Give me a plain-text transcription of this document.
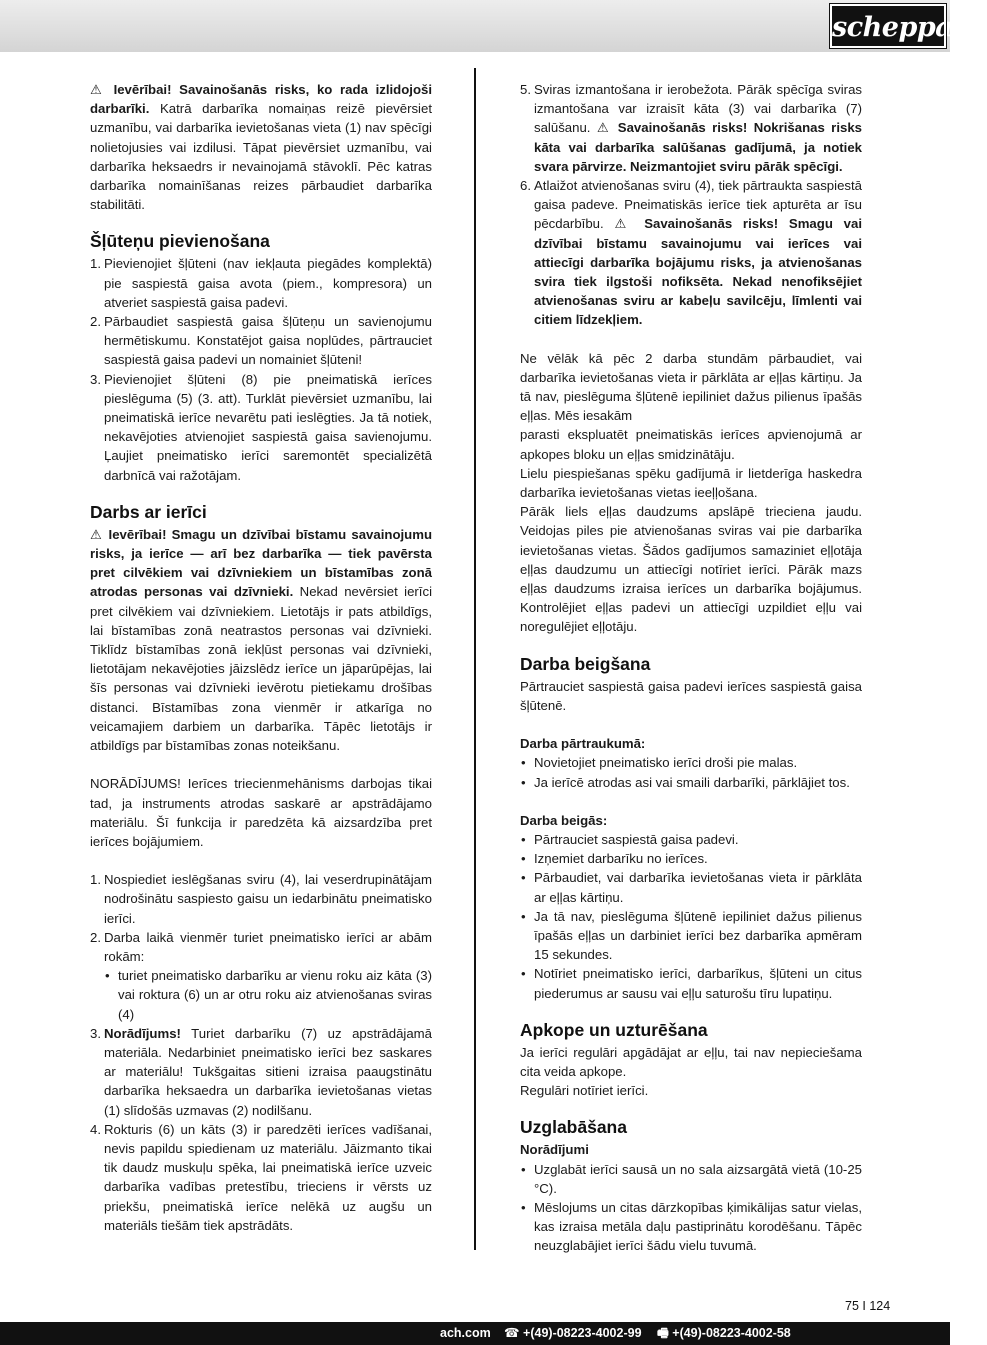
scheppach

⚠ Ievērībai! Savainošanās risks, ko rada izlidojoši darbarīki. Katrā darbarīka nomaiņas reizē pievērsiet uzmanību, vai darbarīka ievietošanas vieta (1) nav spēcīgi nolietojusies vai izdilusi. Tāpat pievērsiet uzmanību, vai darbarīka heksaedrs ir nevainojamā stāvoklī. Pēc katras darbarīka nomainīšanas reizes pārbaudiet darbarīka stabilitāti.

Šļūteņu pievienošana
1. Pievienojiet šļūteni (nav iekļauta piegādes komplektā) pie saspiestā gaisa avota (piem., kompresora) un atveriet saspiestā gaisa padevi.
2. Pārbaudiet saspiestā gaisa šļūteņu un savienojumu hermētiskumu. Konstatējot gaisa noplūdes, pārtrauciet saspiestā gaisa padevi un nomainiet šļūteni!
3. Pievienojiet šļūteni (8) pie pneimatiskā ierīces pieslēguma (5) (3. att). Turklāt pievērsiet uzmanību, lai pneimatiskā ierīce nevarētu pati ieslēgties. Ja tā notiek, nekavējoties atvienojiet saspiestā gaisa savienojumu. Ļaujiet pneimatisko ierīci saremontēt specializētā darbnīcā vai ražotājam.
Darbs ar ierīci

⚠ Ievērībai! Smagu un dzīvībai bīstamu savainojumu risks, ja ierīce — arī bez darbarīka — tiek pavērsta pret cilvēkiem vai dzīvniekiem un bīstamības zonā atrodas personas vai dzīvnieki. Nekad nevērsiet ierīci pret cilvēkiem vai dzīvniekiem. Lietotājs ir pats atbildīgs, lai bīstamības zonā neatrastos personas vai dzīvnieki. Tiklīdz bīstamības zonā iekļūst personas vai dzīvnieki, lietotājam nekavējoties jāizslēdz ierīce un jāparūpējas, lai šīs personas vai dzīvnieki ievērotu pietiekamu drošības distanci. Bīstamības zona vienmēr ir atkarīga no veicamajiem darbiem un darbarīka. Tāpēc lietotājs ir atbildīgs par bīstamības zonas noteikšanu.

NORĀDĪJUMS! Ierīces triecienmehānisms darbojas tikai tad, ja instruments atrodas saskarē ar apstrādājamo materiālu. Šī funkcija ir paredzēta kā aizsardzība pret ierīces bojājumiem.

1. Nospiediet ieslēgšanas sviru (4), lai veserdrupinātājam nodrošinātu saspiesto gaisu un iedarbinātu pneimatisko ierīci.
2. Darba laikā vienmēr turiet pneimatisko ierīci ar abām rokām:
• turiet pneimatisko darbarīku ar vienu roku aiz kāta (3) vai roktura (6) un ar otru roku aiz atvienošanas sviras (4)
3. Norādījums! Turiet darbarīku (7) uz apstrādājamā materiāla. Nedarbiniet pneimatisko ierīci bez saskares ar materiālu! Tukšgaitas sitieni izraisa paaugstinātu darbarīka heksaedra un darbarīka ievietošanas vietas (1) slīdošās uzmavas (2) nodilšanu.
4. Rokturis (6) un kāts (3) ir paredzēti ierīces vadīšanai, nevis papildu spiedienam uz materiālu. Jāizmanto tikai tik daudz muskuļu spēka, lai pneimatiskā ierīce uzveic darbarīka vadības pretestību, trieciens ir vērsts uz priekšu, pneimatiskā ierīce nelēkā uz augšu un materiāls tiešām tiek apstrādāts.
5. Sviras izmantošana ir ierobežota. Pārāk spēcīga sviras izmantošana var izraisīt kāta (3) vai darbarīka (7) salūšanu. ⚠ Savainošanās risks! Nokrišanas risks kāta vai darbarīka salūšanas gadījumā, ja notiek svara pārvirze. Neizmantojiet sviru pārāk spēcīgi.
6. Atlaižot atvienošanas sviru (4), tiek pārtraukta saspiestā gaisa padeve. Pneimatiskās ierīce tiek apturēta ar īsu pēcdarbību. ⚠ Savainošanās risks! Smagu vai dzīvībai bīstamu savainojumu vai ierīces vai attiecīgi darbarīka bojājumu risks, ja atvienošanas svira tiek ilgstoši nofiksēta. Nekad nenofiksējiet atvienošanas sviru ar kabeļu savilcēju, līmlenti vai citiem līdzekļiem.

Ne vēlāk kā pēc 2 darba stundām pārbaudiet, vai darbarīka ievietošanas vieta ir pārklāta ar eļļas kārtiņu. Ja tā nav, pieslēguma šļūtenē iepiliniet dažus pilienus īpašās eļļas. Mēs iesakām

parasti ekspluatēt pneimatiskās ierīces apvienojumā ar apkopes bloku un eļļas smidzinātāju.

Lielu piespiešanas spēku gadījumā ir lietderīga haskedra darbarīka ievietošanas vietas ieeļļošana.

Pārāk liels eļļas daudzums apslāpē trieciena jaudu. Veidojas piles pie atvienošanas sviras vai pie darbarīka ievietošanas vietas. Šādos gadījumos samaziniet eļļotāja eļļas daudzumu un attiecīgi notīriet ierīci. Pārāk mazs eļļas daudzums izraisa ierīces un darbarīka bojājumus. Kontrolējiet eļļas padevi un attiecīgi uzpildiet eļļu vai noregulējiet eļļotāju.

Darba beigšana

Pārtrauciet saspiestā gaisa padevi ierīces saspiestā gaisa šļūtenē.

Darba pārtraukumā:
• Novietojiet pneimatisko ierīci droši pie malas.
• Ja ierīcē atrodas asi vai smaili darbarīki, pārklājiet tos.
Darba beigās:
• Pārtrauciet saspiestā gaisa padevi.
• Izņemiet darbarīku no ierīces.
• Pārbaudiet, vai darbarīka ievietošanas vieta ir pārklāta ar eļļas kārtiņu.
• Ja tā nav, pieslēguma šļūtenē iepiliniet dažus pilienus īpašās eļļas un darbiniet ierīci bez darbarīka apmēram 15 sekundes.
• Notīriet pneimatisko ierīci, darbarīkus, šļūteni un citus piederumus ar sausu vai eļļu saturošu tīru lupatiņu.
Apkope un uzturēšana

Ja ierīci regulāri apgādājat ar eļļu, tai nav nepieciešama cita veida apkope.

Regulāri notīriet ierīci.

Uzglabāšana
Norādījumi
• Uzglabāt ierīci sausā un no sala aizsargātā vietā (10-25 °C).
• Mēslojums un citas dārzkopības ķimikālijas satur vielas, kas izraisa metāla daļu pastiprinātu korodēšanu. Tāpēc neuzglabājiet ierīci šādu vielu tuvumā.
75 I 124
ach.com ☎ +(49)-08223-4002-99 🖷 +(49)-08223-4002-58
